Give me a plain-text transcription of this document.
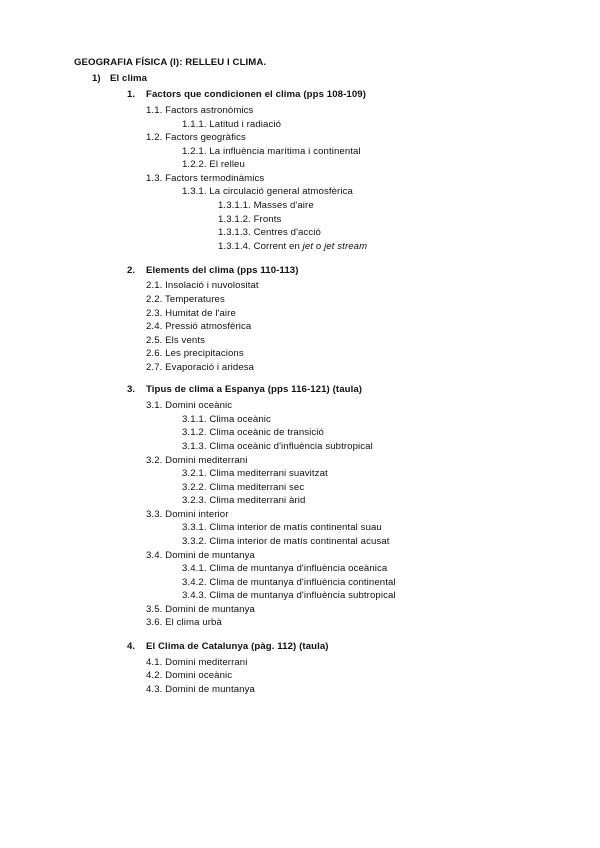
GEOGRAFIA FÍSICA (I): RELLEU I CLIMA.
1) El clima
1. Factors que condicionen el clima (pps 108-109)
1.1. Factors astronòmics
1.1.1. Latitud i radiació
1.2. Factors geogràfics
1.2.1. La influència marítima i continental
1.2.2. El relleu
1.3. Factors termodinàmics
1.3.1. La circulació general atmosfèrica
1.3.1.1. Masses d'aire
1.3.1.2. Fronts
1.3.1.3. Centres d'acció
1.3.1.4. Corrent en jet o jet stream
2. Elements del clima (pps 110-113)
2.1. Insolació i nuvolositat
2.2. Temperatures
2.3. Humitat de l'aire
2.4. Pressió atmosfèrica
2.5. Els vents
2.6. Les precipitacions
2.7. Evaporació i aridesa
3. Tipus de clima a Espanya (pps 116-121) (taula)
3.1. Domini oceànic
3.1.1. Clima oceànic
3.1.2. Clima oceànic de transició
3.1.3. Clima oceànic d'influència subtropical
3.2. Domini mediterrani
3.2.1. Clima mediterrani suavitzat
3.2.2. Clima mediterrani sec
3.2.3. Clima mediterrani àrid
3.3. Domini interior
3.3.1. Clima interior de matís continental suau
3.3.2. Clima interior de matís continental acusat
3.4. Domini de muntanya
3.4.1. Clima de muntanya d'influència oceànica
3.4.2. Clima de muntanya d'influència continental
3.4.3. Clima de muntanya d'influència subtropical
3.5. Domini de muntanya
3.6. El clima urbà
4. El Clima de Catalunya (pàg. 112) (taula)
4.1. Domini mediterrani
4.2. Domini oceànic
4.3. Domini de muntanya
